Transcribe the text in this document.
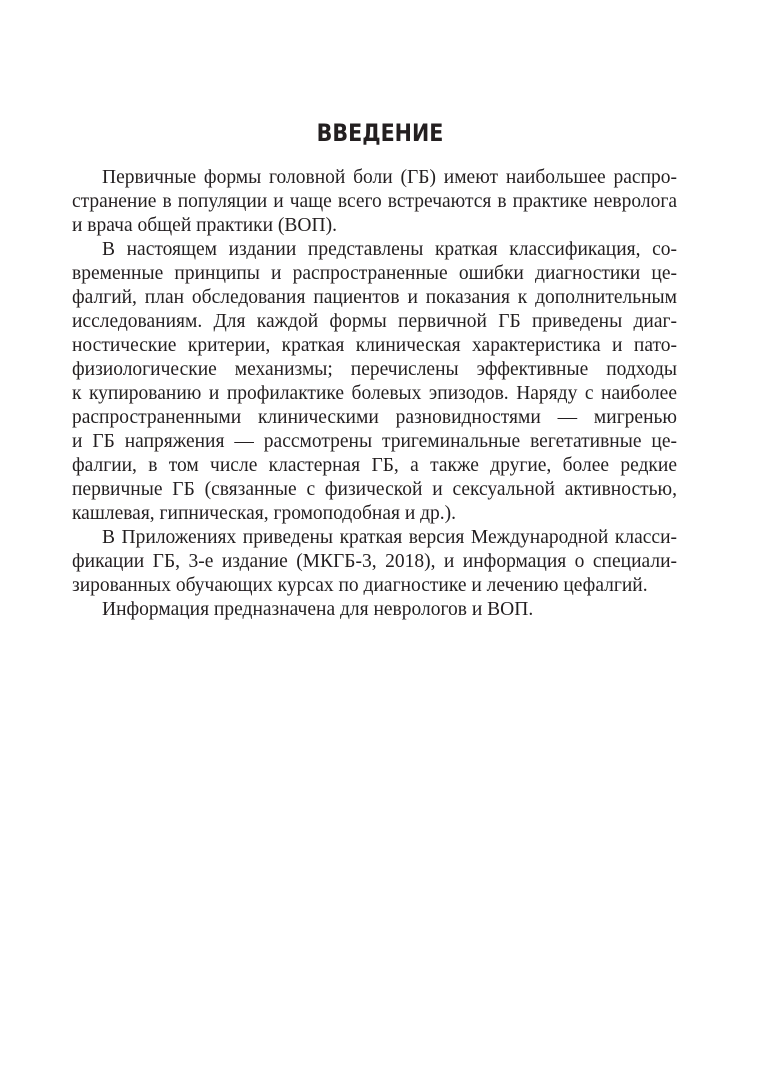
ВВЕДЕНИЕ
Первичные формы головной боли (ГБ) имеют наибольшее распро-
странение в популяции и чаще всего встречаются в практике невролога
и врача общей практики (ВОП).
В настоящем издании представлены краткая классификация, со-
временные принципы и распространенные ошибки диагностики це-
фалгий, план обследования пациентов и показания к дополнительным
исследованиям. Для каждой формы первичной ГБ приведены диаг-
ностические критерии, краткая клиническая характеристика и пато-
физиологические механизмы; перечислены эффективные подходы
к купированию и профилактике болевых эпизодов. Наряду с наиболее
распространенными клиническими разновидностями — мигренью
и ГБ напряжения — рассмотрены тригеминальные вегетативные це-
фалгии, в том числе кластерная ГБ, а также другие, более редкие
первичные ГБ (связанные с физической и сексуальной активностью,
кашлевая, гипническая, громоподобная и др.).
В Приложениях приведены краткая версия Международной класси-
фикации ГБ, 3-е издание (МКГБ-3, 2018), и информация о специали-
зированных обучающих курсах по диагностике и лечению цефалгий.
Информация предназначена для неврологов и ВОП.
